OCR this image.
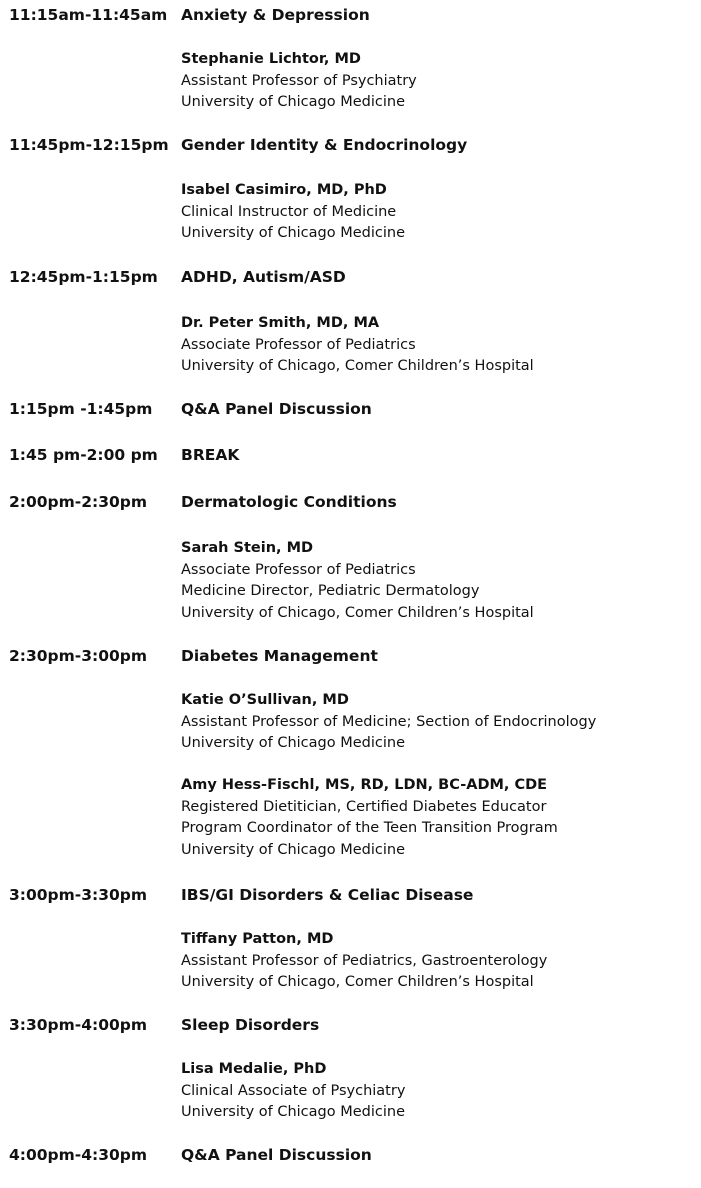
11:15am-11:45am Anxiety & Depression
Stephanie Lichtor, MD
Assistant Professor of Psychiatry
University of Chicago Medicine
11:45pm-12:15pm Gender Identity & Endocrinology
Isabel Casimiro, MD, PhD
Clinical Instructor of Medicine
University of Chicago Medicine
12:45pm-1:15pm ADHD, Autism/ASD
Dr. Peter Smith, MD, MA
Associate Professor of Pediatrics
University of Chicago, Comer Children’s Hospital
1:15pm -1:45pm Q&A Panel Discussion
1:45 pm-2:00 pm BREAK
2:00pm-2:30pm Dermatologic Conditions
Sarah Stein, MD
Associate Professor of Pediatrics
Medicine Director, Pediatric Dermatology
University of Chicago, Comer Children’s Hospital
2:30pm-3:00pm Diabetes Management
Katie O’Sullivan, MD
Assistant Professor of Medicine; Section of Endocrinology
University of Chicago Medicine
Amy Hess-Fischl, MS, RD, LDN, BC-ADM, CDE
Registered Dietitician, Certified Diabetes Educator
Program Coordinator of the Teen Transition Program
University of Chicago Medicine
3:00pm-3:30pm IBS/GI Disorders & Celiac Disease
Tiffany Patton, MD
Assistant Professor of Pediatrics, Gastroenterology
University of Chicago, Comer Children’s Hospital
3:30pm-4:00pm Sleep Disorders
Lisa Medalie, PhD
Clinical Associate of Psychiatry
University of Chicago Medicine
4:00pm-4:30pm Q&A Panel Discussion
